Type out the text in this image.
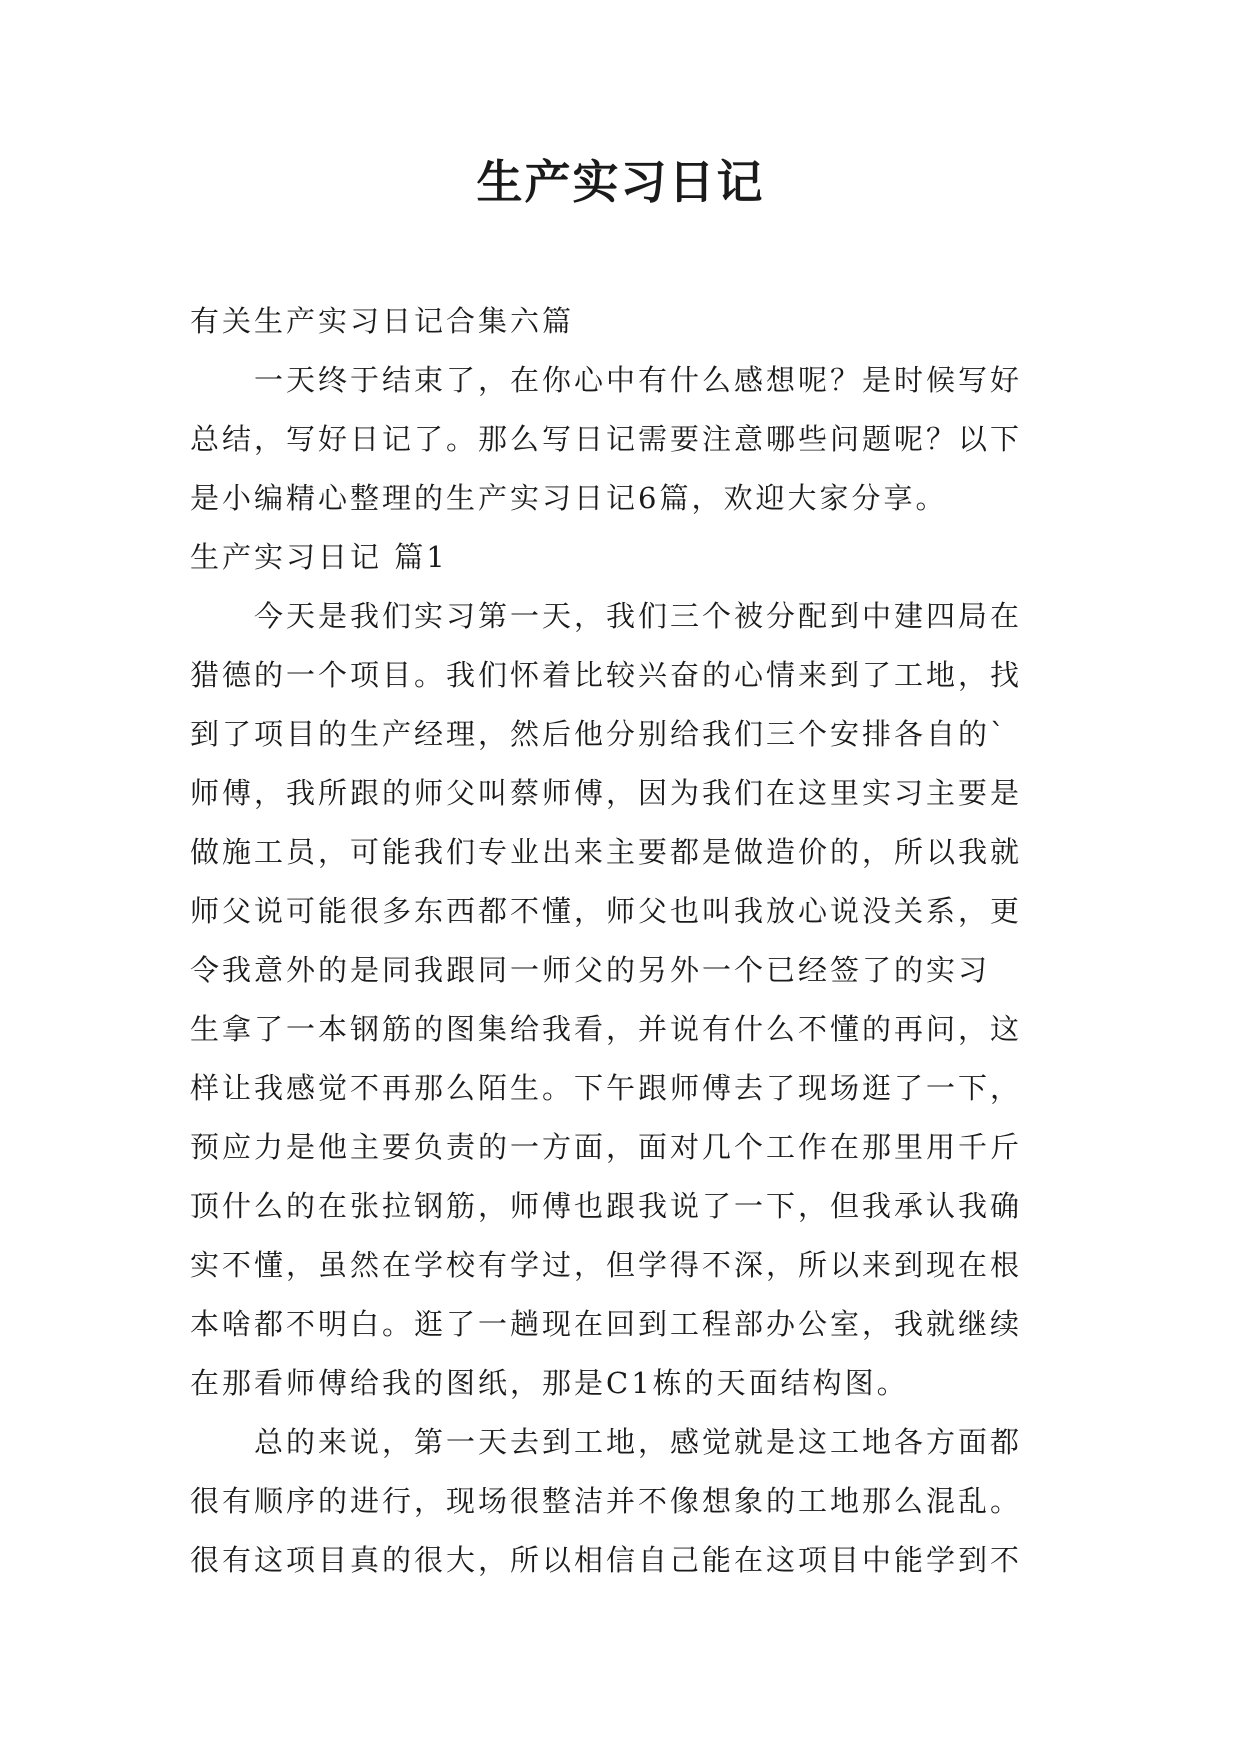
生产实习日记
有关生产实习日记合集六篇
一天终于结束了，在你心中有什么感想呢？是时候写好
总结，写好日记了。那么写日记需要注意哪些问题呢？以下
是小编精心整理的生产实习日记6篇，欢迎大家分享。
生产实习日记 篇1
今天是我们实习第一天，我们三个被分配到中建四局在
猎德的一个项目。我们怀着比较兴奋的心情来到了工地，找
到了项目的生产经理，然后他分别给我们三个安排各自的`
师傅，我所跟的师父叫蔡师傅，因为我们在这里实习主要是
做施工员，可能我们专业出来主要都是做造价的，所以我就
师父说可能很多东西都不懂，师父也叫我放心说没关系，更
令我意外的是同我跟同一师父的另外一个已经签了的实习
生拿了一本钢筋的图集给我看，并说有什么不懂的再问，这
样让我感觉不再那么陌生。下午跟师傅去了现场逛了一下，
预应力是他主要负责的一方面，面对几个工作在那里用千斤
顶什么的在张拉钢筋，师傅也跟我说了一下，但我承认我确
实不懂，虽然在学校有学过，但学得不深，所以来到现在根
本啥都不明白。逛了一趟现在回到工程部办公室，我就继续
在那看师傅给我的图纸，那是C1栋的天面结构图。
总的来说，第一天去到工地，感觉就是这工地各方面都
很有顺序的进行，现场很整洁并不像想象的工地那么混乱。
很有这项目真的很大，所以相信自己能在这项目中能学到不
